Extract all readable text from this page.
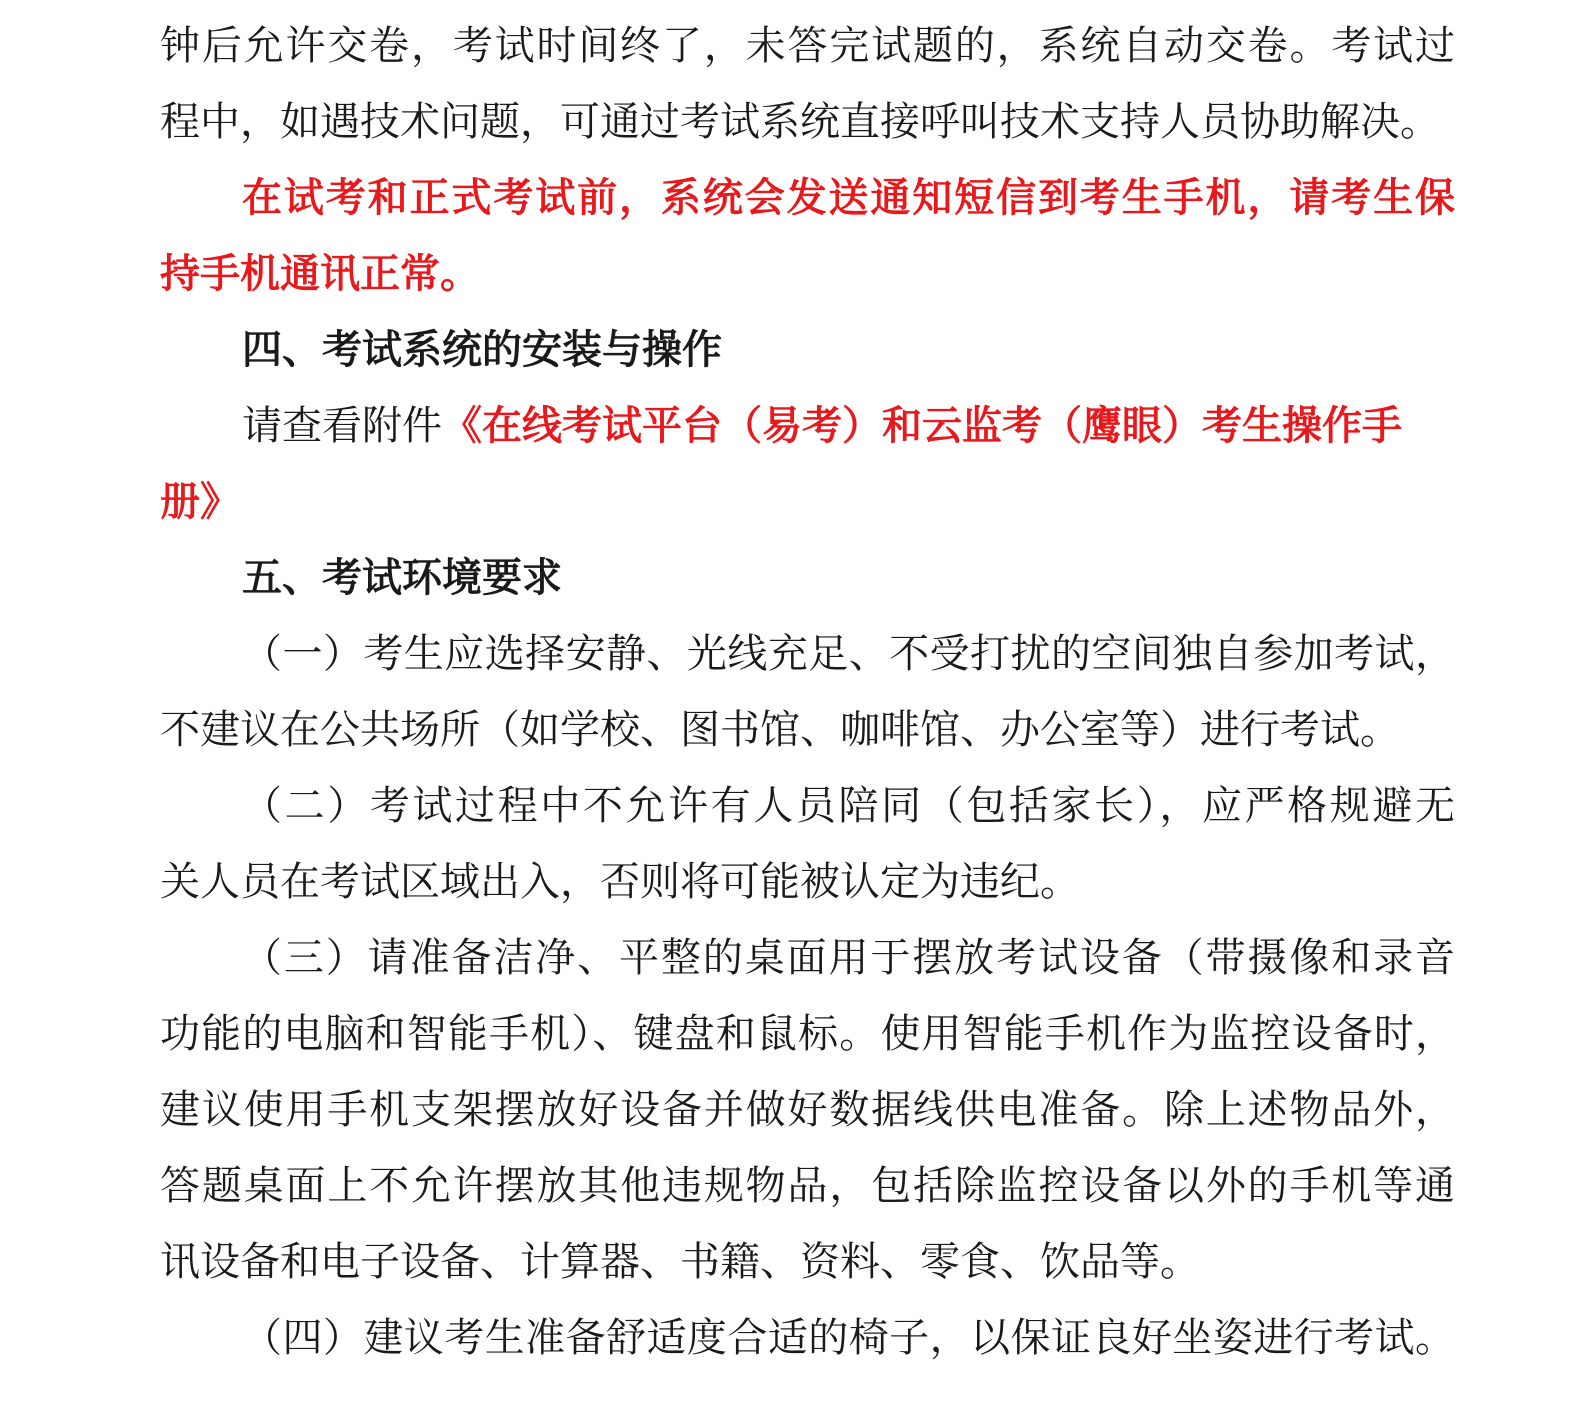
钟后允许交卷，考试时间终了，未答完试题的，系统自动交卷。考试过
程中，如遇技术问题，可通过考试系统直接呼叫技术支持人员协助解决。
在试考和正式考试前，系统会发送通知短信到考生手机，请考生保
持手机通讯正常。
四、考试系统的安装与操作
请查看附件《在线考试平台（易考）和云监考（鹰眼）考生操作手
册》
五、考试环境要求
（一）考生应选择安静、光线充足、不受打扰的空间独自参加考试，
不建议在公共场所（如学校、图书馆、咖啡馆、办公室等）进行考试。
（二）考试过程中不允许有人员陪同（包括家长），应严格规避无
关人员在考试区域出入，否则将可能被认定为违纪。
（三）请准备洁净、平整的桌面用于摆放考试设备（带摄像和录音
功能的电脑和智能手机）、键盘和鼠标。使用智能手机作为监控设备时，
建议使用手机支架摆放好设备并做好数据线供电准备。除上述物品外，
答题桌面上不允许摆放其他违规物品，包括除监控设备以外的手机等通
讯设备和电子设备、计算器、书籍、资料、零食、饮品等。
（四）建议考生准备舒适度合适的椅子，以保证良好坐姿进行考试。
